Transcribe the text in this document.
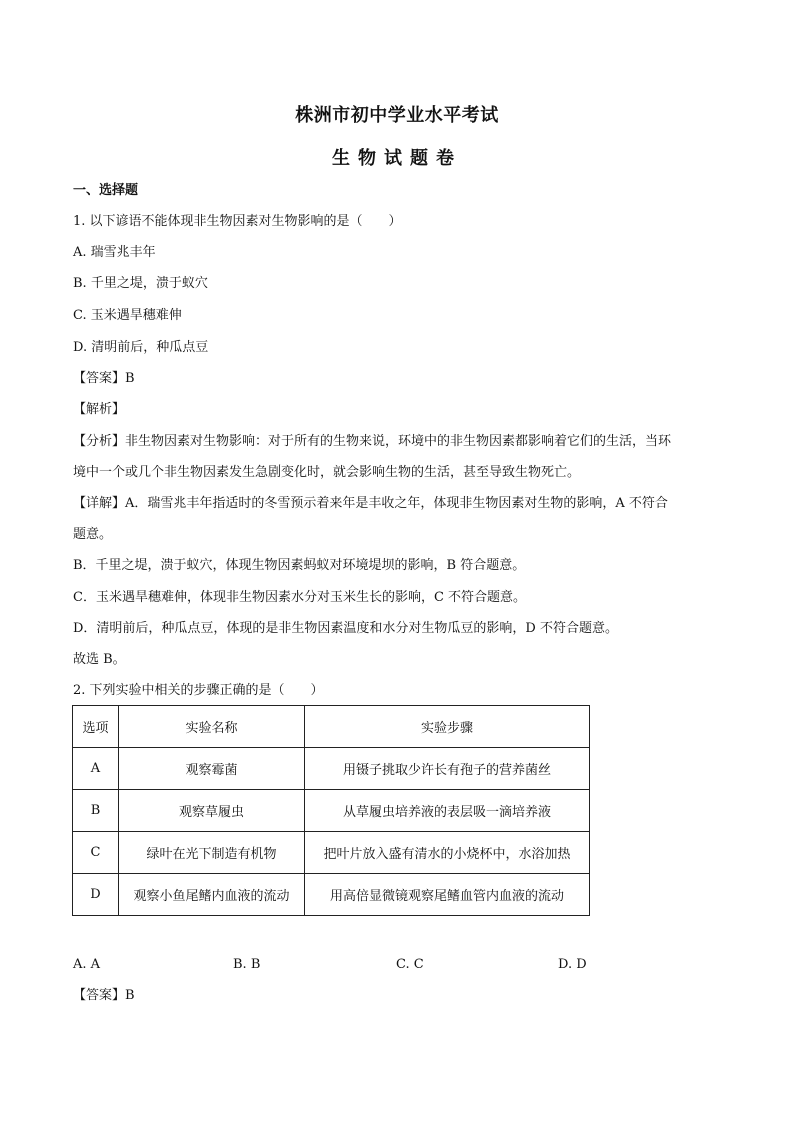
株洲市初中学业水平考试
生物试题卷
一、选择题
1. 以下谚语不能体现非生物因素对生物影响的是（　　）
A. 瑞雪兆丰年
B. 千里之堤，溃于蚁穴
C. 玉米遇旱穗难伸
D. 清明前后，种瓜点豆
【答案】B
【解析】
【分析】非生物因素对生物影响：对于所有的生物来说，环境中的非生物因素都影响着它们的生活，当环
境中一个或几个非生物因素发生急剧变化时，就会影响生物的生活，甚至导致生物死亡。
【详解】A．瑞雪兆丰年指适时的冬雪预示着来年是丰收之年，体现非生物因素对生物的影响，A 不符合
题意。
B．千里之堤，溃于蚁穴，体现生物因素蚂蚁对环境堤坝的影响，B 符合题意。
C．玉米遇旱穗难伸，体现非生物因素水分对玉米生长的影响，C 不符合题意。
D．清明前后，种瓜点豆，体现的是非生物因素温度和水分对生物瓜豆的影响，D 不符合题意。
故选 B。
2. 下列实验中相关的步骤正确的是（　　）
选项	实验名称	实验步骤
A	观察霉菌	用镊子挑取少许长有孢子的营养菌丝
B	观察草履虫	从草履虫培养液的表层吸一滴培养液
C	绿叶在光下制造有机物	把叶片放入盛有清水的小烧杯中，水浴加热
D	观察小鱼尾鳍内血液的流动	用高倍显微镜观察尾鳍血管内血液的流动
A. A	B. B	C. C	D. D
【答案】B
